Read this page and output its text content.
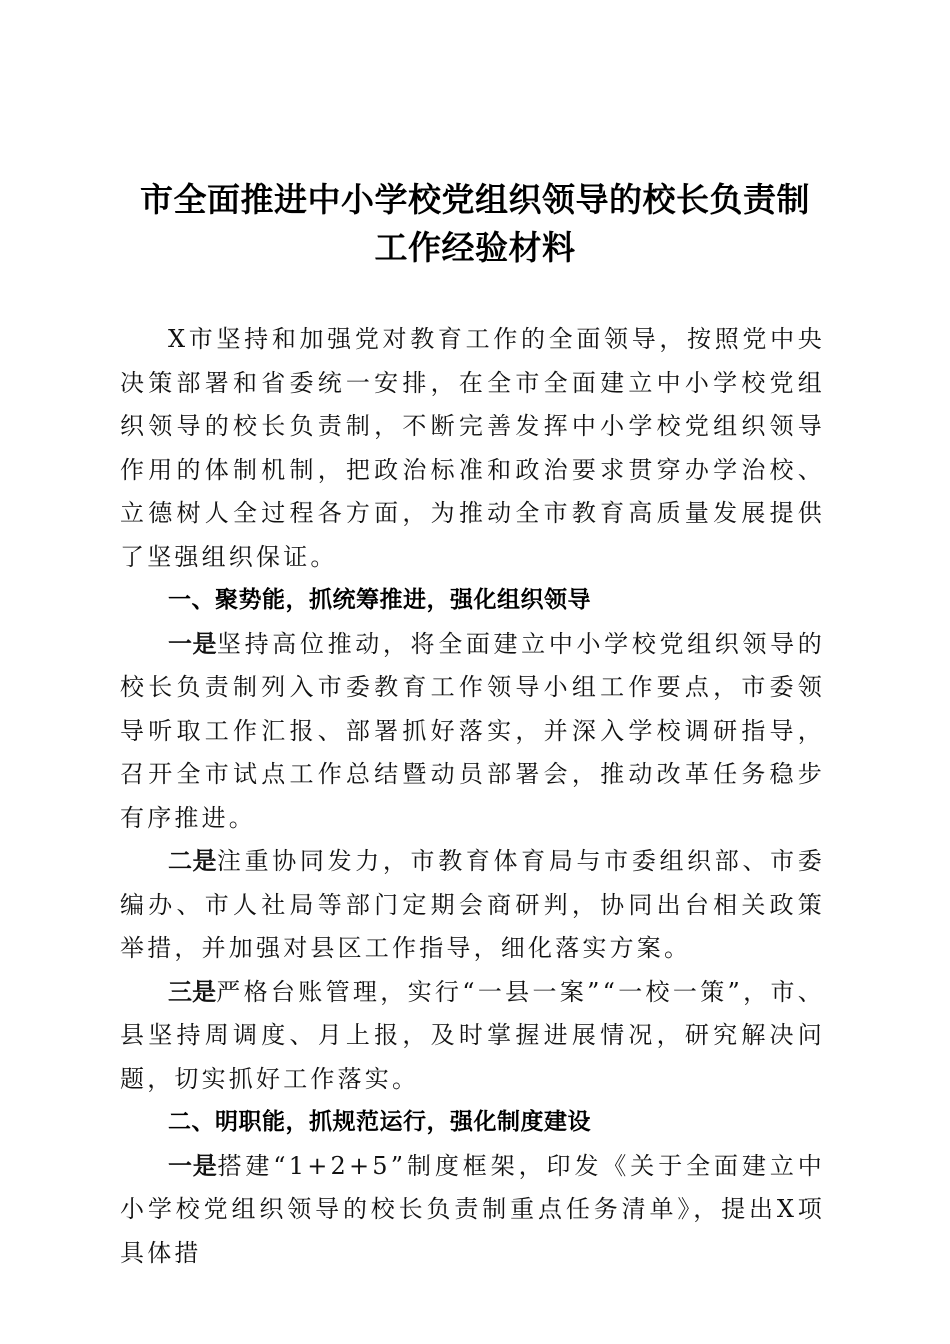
市全面推进中小学校党组织领导的校长负责制
工作经验材料

X市坚持和加强党对教育工作的全面领导，按照党中央决策部署和省委统一安排，在全市全面建立中小学校党组织领导的校长负责制，不断完善发挥中小学校党组织领导作用的体制机制，把政治标准和政治要求贯穿办学治校、立德树人全过程各方面，为推动全市教育高质量发展提供了坚强组织保证。

一、聚势能，抓统筹推进，强化组织领导

一是坚持高位推动，将全面建立中小学校党组织领导的校长负责制列入市委教育工作领导小组工作要点，市委领导听取工作汇报、部署抓好落实，并深入学校调研指导，召开全市试点工作总结暨动员部署会，推动改革任务稳步有序推进。

二是注重协同发力，市教育体育局与市委组织部、市委编办、市人社局等部门定期会商研判，协同出台相关政策举措，并加强对县区工作指导，细化落实方案。

三是严格台账管理，实行“一县一案”“一校一策”，市、县坚持周调度、月上报，及时掌握进展情况，研究解决问题，切实抓好工作落实。

二、明职能，抓规范运行，强化制度建设

一是搭建“1+2+5”制度框架，印发《关于全面建立中小学校党组织领导的校长负责制重点任务清单》，提出X项具体措
